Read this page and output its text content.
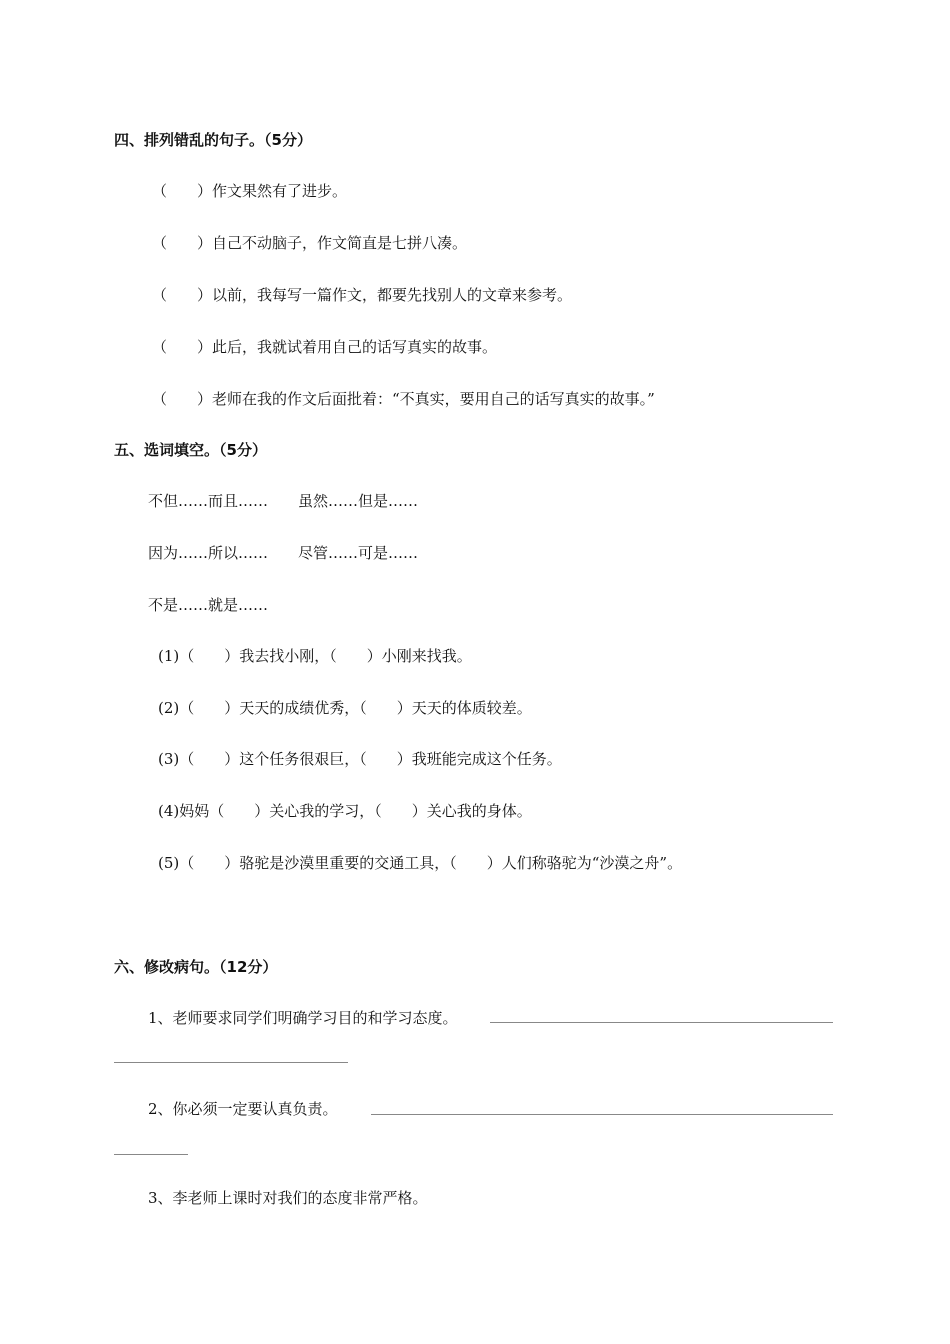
四、排列错乱的句子。（5分）
（　　）作文果然有了进步。
（　　）自己不动脑子，作文简直是七拼八凑。
（　　）以前，我每写一篇作文，都要先找别人的文章来参考。
（　　）此后，我就试着用自己的话写真实的故事。
（　　）老师在我的作文后面批着：“不真实，要用自己的话写真实的故事。”
五、选词填空。（5分）
不但……而且……　　虽然……但是……
因为……所以……　　尽管……可是……
不是……就是……
(1)（　　）我去找小刚，（　　）小刚来找我。
(2)（　　）天天的成绩优秀，（　　）天天的体质较差。
(3)（　　）这个任务很艰巨，（　　）我班能完成这个任务。
(4)妈妈（　　）关心我的学习，（　　）关心我的身体。
(5)（　　）骆驼是沙漠里重要的交通工具，（　　）人们称骆驼为“沙漠之舟”。
六、修改病句。（12分）
1、老师要求同学们明确学习目的和学习态度。
2、你必须一定要认真负责。
3、李老师上课时对我们的态度非常严格。
